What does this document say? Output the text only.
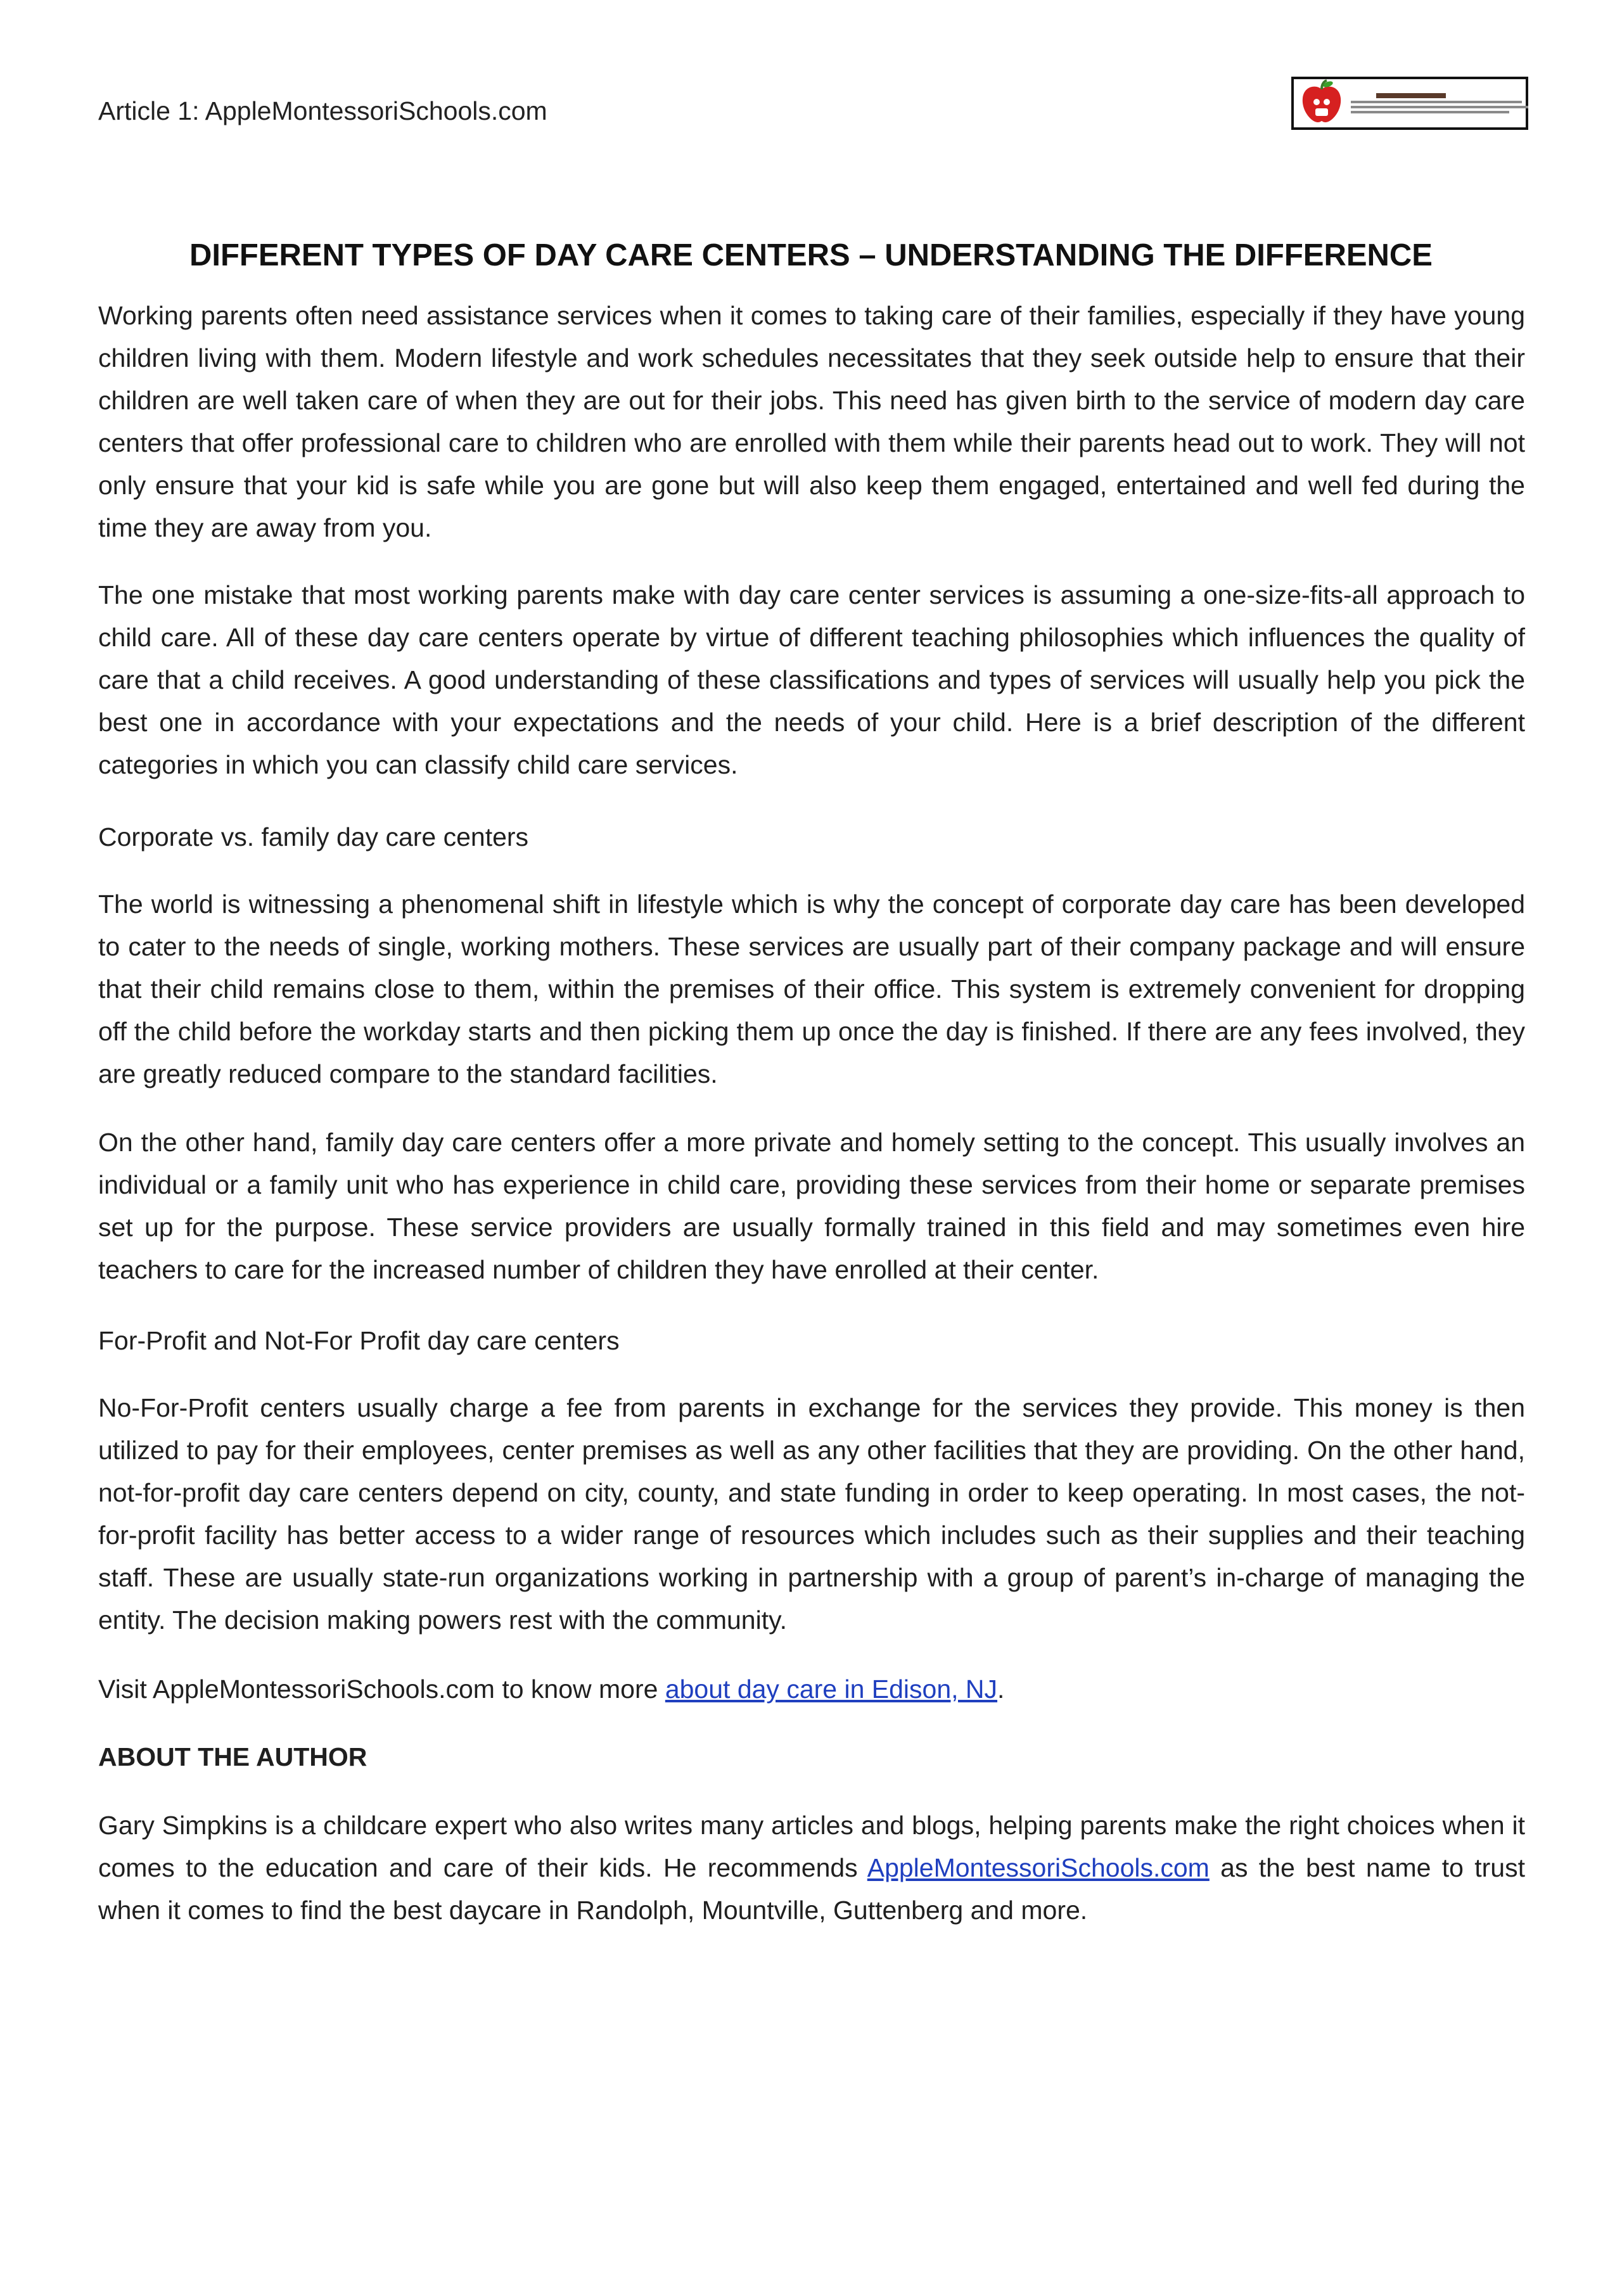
Article 1: AppleMontessoriSchools.com
DIFFERENT TYPES OF DAY CARE CENTERS – UNDERSTANDING THE DIFFERENCE

Working parents often need assistance services when it comes to taking care of their families, especially if they have young children living with them. Modern lifestyle and work schedules necessitates that they seek outside help to ensure that their children are well taken care of when they are out for their jobs. This need has given birth to the service of modern day care centers that offer professional care to children who are enrolled with them while their parents head out to work. They will not only ensure that your kid is safe while you are gone but will also keep them engaged, entertained and well fed during the time they are away from you.

The one mistake that most working parents make with day care center services is assuming a one-size-fits-all approach to child care. All of these day care centers operate by virtue of different teaching philosophies which influences the quality of care that a child receives. A good understanding of these classifications and types of services will usually help you pick the best one in accordance with your expectations and the needs of your child. Here is a brief description of the different categories in which you can classify child care services.

Corporate vs. family day care centers

The world is witnessing a phenomenal shift in lifestyle which is why the concept of corporate day care has been developed to cater to the needs of single, working mothers. These services are usually part of their company package and will ensure that their child remains close to them, within the premises of their office. This system is extremely convenient for dropping off the child before the workday starts and then picking them up once the day is finished. If there are any fees involved, they are greatly reduced compare to the standard facilities.

On the other hand, family day care centers offer a more private and homely setting to the concept. This usually involves an individual or a family unit who has experience in child care, providing these services from their home or separate premises set up for the purpose. These service providers are usually formally trained in this field and may sometimes even hire teachers to care for the increased number of children they have enrolled at their center.

For-Profit and Not-For Profit day care centers

No-For-Profit centers usually charge a fee from parents in exchange for the services they provide. This money is then utilized to pay for their employees, center premises as well as any other facilities that they are providing. On the other hand, not-for-profit day care centers depend on city, county, and state funding in order to keep operating. In most cases, the not-for-profit facility has better access to a wider range of resources which includes such as their supplies and their teaching staff. These are usually state-run organizations working in partnership with a group of parent’s in-charge of managing the entity. The decision making powers rest with the community.

Visit AppleMontessoriSchools.com to know more about day care in Edison, NJ.

ABOUT THE AUTHOR

Gary Simpkins is a childcare expert who also writes many articles and blogs, helping parents make the right choices when it comes to the education and care of their kids. He recommends AppleMontessoriSchools.com as the best name to trust when it comes to find the best daycare in Randolph, Mountville, Guttenberg and more.
